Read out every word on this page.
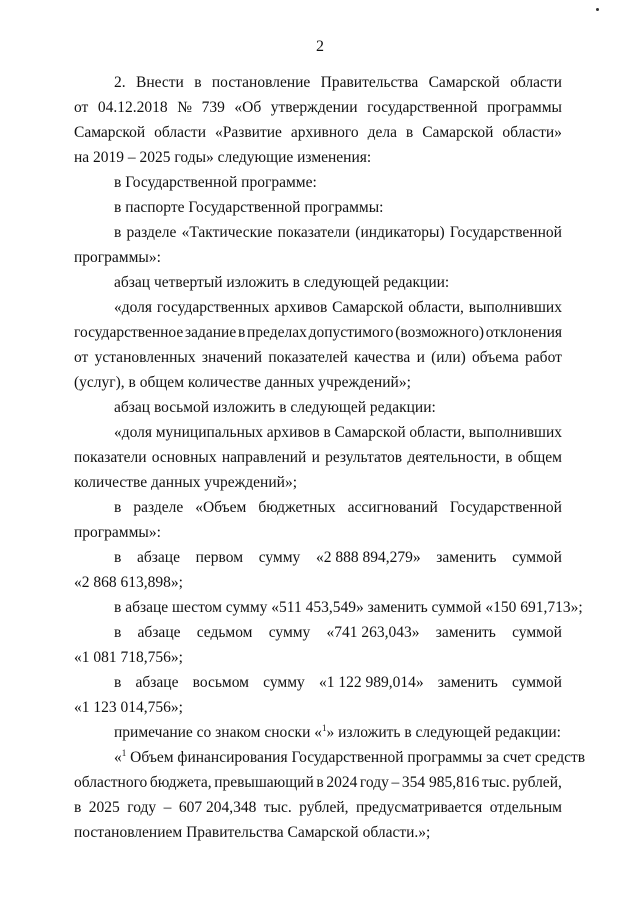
2
2. Внести в постановление Правительства Самарской области
от 04.12.2018 № 739 «Об утверждении государственной программы
Самарской области «Развитие архивного дела в Самарской области»
на 2019 – 2025 годы» следующие изменения:
в Государственной программе:
в паспорте Государственной программы:
в разделе «Тактические показатели (индикаторы) Государственной
программы»:
абзац четвертый изложить в следующей редакции:
«доля государственных архивов Самарской области, выполнивших
государственное задание в пределах допустимого (возможного) отклонения
от установленных значений показателей качества и (или) объема работ
(услуг), в общем количестве данных учреждений»;
абзац восьмой изложить в следующей редакции:
«доля муниципальных архивов в Самарской области, выполнивших
показатели основных направлений и результатов деятельности, в общем
количестве данных учреждений»;
в разделе «Объем бюджетных ассигнований Государственной
программы»:
в абзаце первом сумму «2 888 894,279» заменить суммой
«2 868 613,898»;
в абзаце шестом сумму «511 453,549» заменить суммой «150 691,713»;
в абзаце седьмом сумму «741 263,043» заменить суммой
«1 081 718,756»;
в абзаце восьмом сумму «1 122 989,014» заменить суммой
«1 123 014,756»;
примечание со знаком сноски «$^1$» изложить в следующей редакции:
«$^1$ Объем финансирования Государственной программы за счет средств
областного бюджета, превышающий в 2024 году – 354 985,816 тыс. рублей,
в 2025 году – 607 204,348 тыс. рублей, предусматривается отдельным
постановлением Правительства Самарской области.»;
